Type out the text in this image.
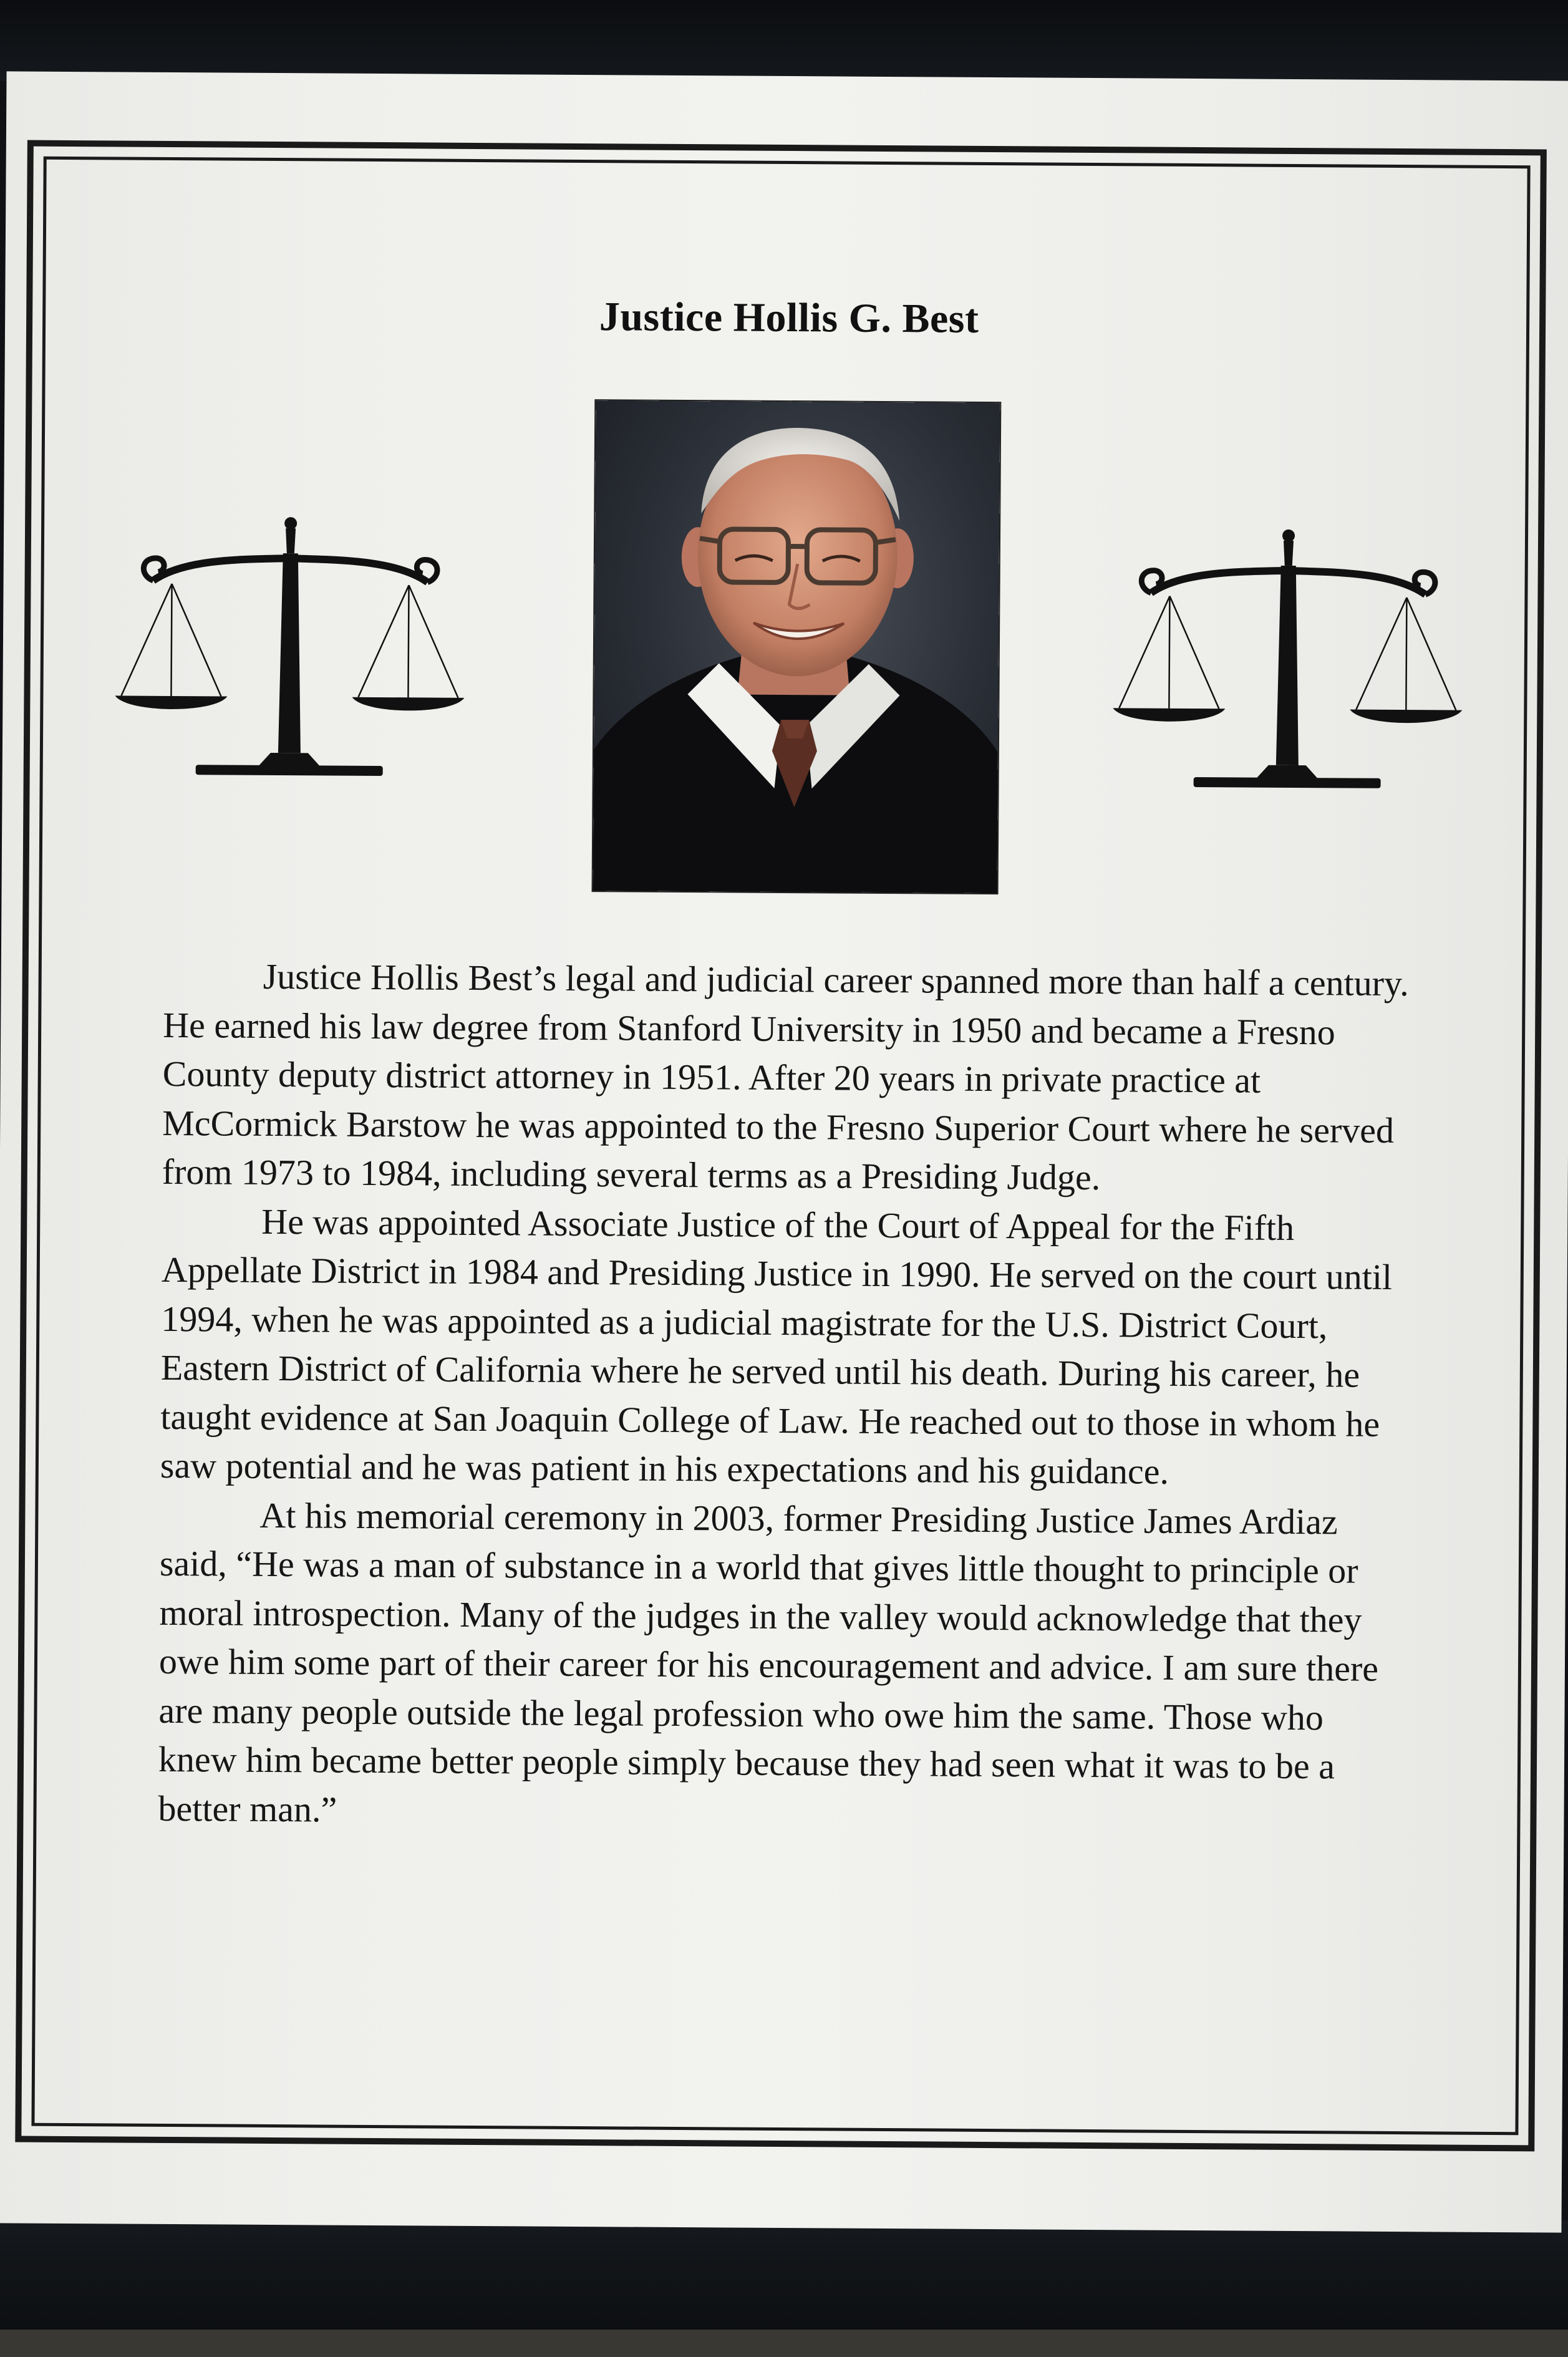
Justice Hollis G. Best

Justice Hollis Best’s legal and judicial career spanned more than half a century. He earned his law degree from Stanford University in 1950 and became a Fresno County deputy district attorney in 1951. After 20 years in private practice at McCormick Barstow he was appointed to the Fresno Superior Court where he served from 1973 to 1984, including several terms as a Presiding Judge.

He was appointed Associate Justice of the Court of Appeal for the Fifth Appellate District in 1984 and Presiding Justice in 1990. He served on the court until 1994, when he was appointed as a judicial magistrate for the U.S. District Court, Eastern District of California where he served until his death. During his career, he taught evidence at San Joaquin College of Law. He reached out to those in whom he saw potential and he was patient in his expectations and his guidance.

At his memorial ceremony in 2003, former Presiding Justice James Ardiaz said, “He was a man of substance in a world that gives little thought to principle or moral introspection. Many of the judges in the valley would acknowledge that they owe him some part of their career for his encouragement and advice. I am sure there are many people outside the legal profession who owe him the same. Those who knew him became better people simply because they had seen what it was to be a better man.”
